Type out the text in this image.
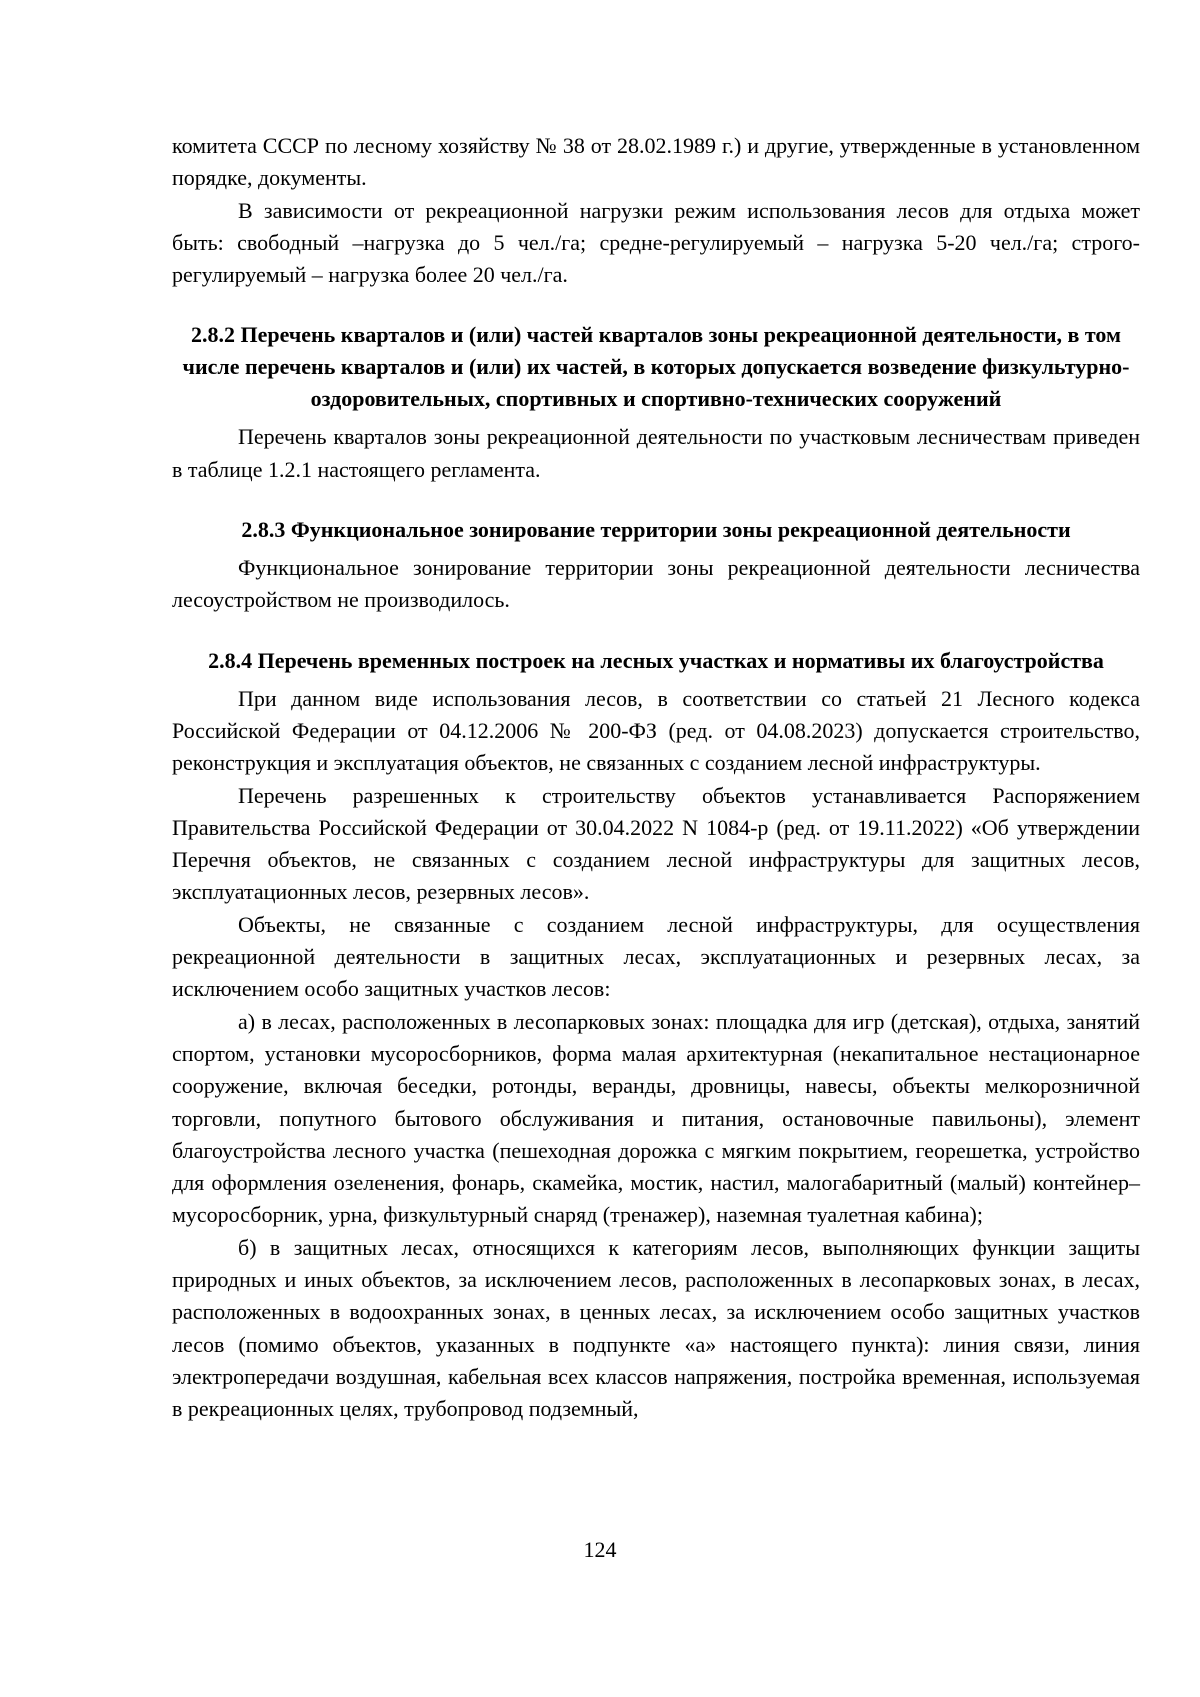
комитета СССР по лесному хозяйству № 38 от 28.02.1989 г.) и другие, утвержденные в установленном порядке, документы.

В зависимости от рекреационной нагрузки режим использования лесов для отдыха может быть: свободный –нагрузка до 5 чел./га; средне-регулируемый – нагрузка 5-20 чел./га; строго-регулируемый – нагрузка более 20 чел./га.

2.8.2 Перечень кварталов и (или) частей кварталов зоны рекреационной деятельности, в том числе перечень кварталов и (или) их частей, в которых допускается возведение физкультурно-оздоровительных, спортивных и спортивно-технических сооружений

Перечень кварталов зоны рекреационной деятельности по участковым лесничествам приведен в таблице 1.2.1 настоящего регламента.

2.8.3 Функциональное зонирование территории зоны рекреационной деятельности

Функциональное зонирование территории зоны рекреационной деятельности лесничества лесоустройством не производилось.

2.8.4 Перечень временных построек на лесных участках и нормативы их благоустройства

При данном виде использования лесов, в соответствии со статьей 21 Лесного кодекса Российской Федерации от 04.12.2006 № 200-ФЗ (ред. от 04.08.2023) допускается строительство, реконструкция и эксплуатация объектов, не связанных с созданием лесной инфраструктуры.

Перечень разрешенных к строительству объектов устанавливается Распоряжением Правительства Российской Федерации от 30.04.2022 N 1084-р (ред. от 19.11.2022) «Об утверждении Перечня объектов, не связанных с созданием лесной инфраструктуры для защитных лесов, эксплуатационных лесов, резервных лесов».

Объекты, не связанные с созданием лесной инфраструктуры, для осуществления рекреационной деятельности в защитных лесах, эксплуатационных и резервных лесах, за исключением особо защитных участков лесов:

а) в лесах, расположенных в лесопарковых зонах: площадка для игр (детская), отдыха, занятий спортом, установки мусоросборников, форма малая архитектурная (некапитальное нестационарное сооружение, включая беседки, ротонды, веранды, дровницы, навесы, объекты мелкорозничной торговли, попутного бытового обслуживания и питания, остановочные павильоны), элемент благоустройства лесного участка (пешеходная дорожка с мягким покрытием, георешетка, устройство для оформления озеленения, фонарь, скамейка, мостик, настил, малогабаритный (малый) контейнер–мусоросборник, урна, физкультурный снаряд (тренажер), наземная туалетная кабина);

б) в защитных лесах, относящихся к категориям лесов, выполняющих функции защиты природных и иных объектов, за исключением лесов, расположенных в лесопарковых зонах, в лесах, расположенных в водоохранных зонах, в ценных лесах, за исключением особо защитных участков лесов (помимо объектов, указанных в подпункте «а» настоящего пункта): линия связи, линия электропередачи воздушная, кабельная всех классов напряжения, постройка временная, используемая в рекреационных целях, трубопровод подземный,

124
